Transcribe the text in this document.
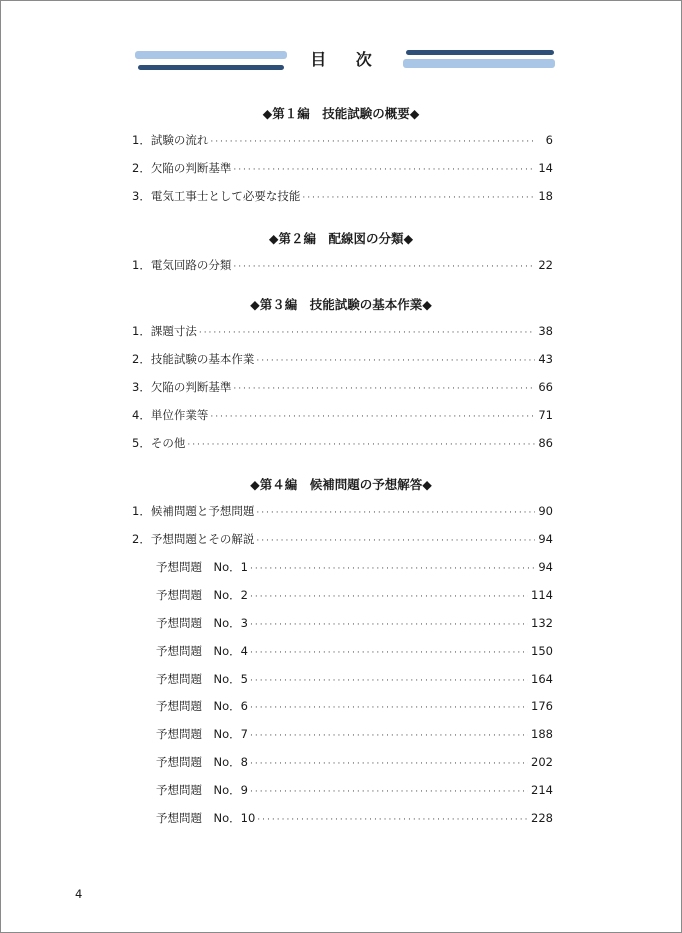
目 次
◆第１編　技能試験の概要◆
1．試験の流れ ·····	6
2．欠陥の判断基準 ·····	14
3．電気工事士として必要な技能 ·····	18
◆第２編　配線図の分類◆
1．電気回路の分類 ·····	22
◆第３編　技能試験の基本作業◆
1．課題寸法 ·····	38
2．技能試験の基本作業 ·····	43
3．欠陥の判断基準 ·····	66
4．単位作業等 ·····	71
5．その他 ·····	86
◆第４編　候補問題の予想解答◆
1．候補問題と予想問題 ·····	90
2．予想問題とその解説 ·····	94
予想問題　No．1 ·····	94
予想問題　No．2 ·····	114
予想問題　No．3 ·····	132
予想問題　No．4 ·····	150
予想問題　No．5 ·····	164
予想問題　No．6 ·····	176
予想問題　No．7 ·····	188
予想問題　No．8 ·····	202
予想問題　No．9 ·····	214
予想問題　No．10 ·····	228
4
